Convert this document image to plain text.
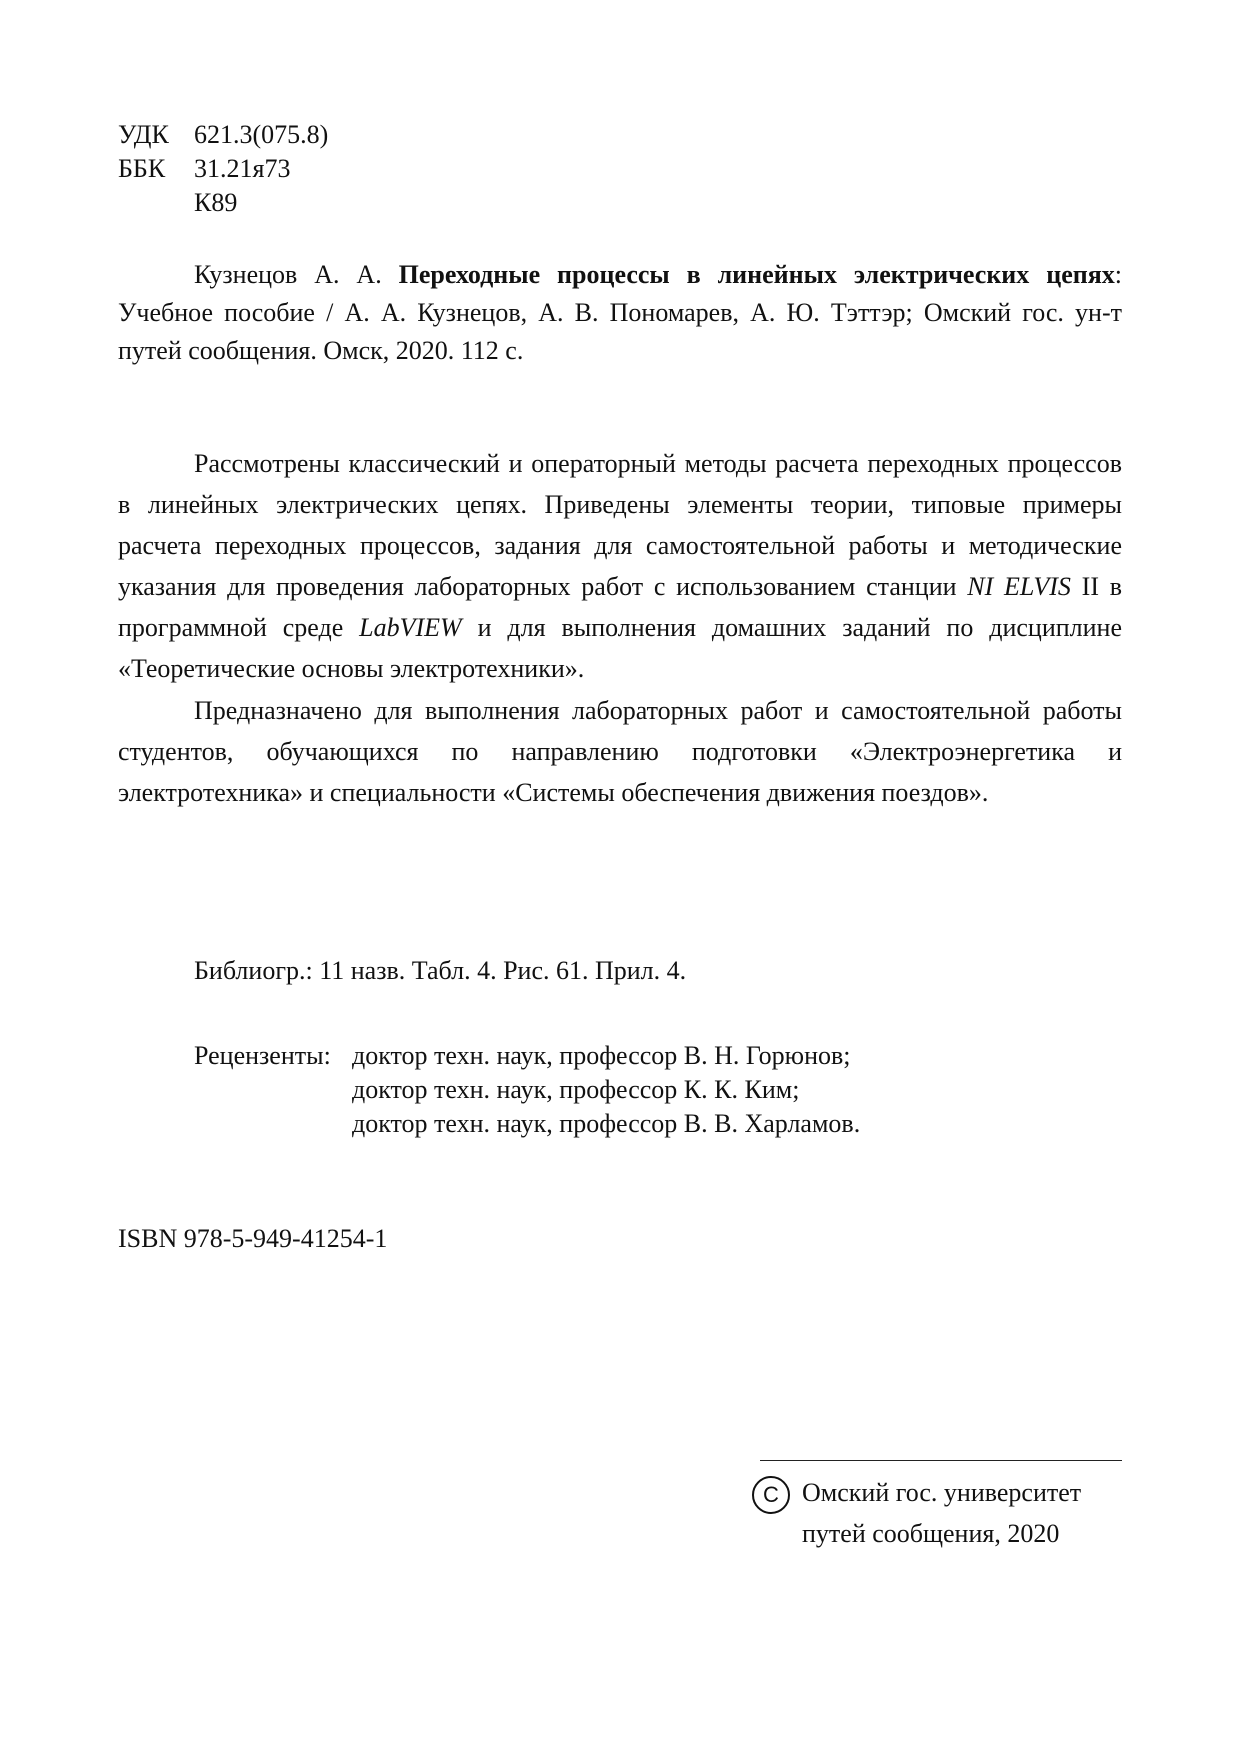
УДК 621.3(075.8)
ББК	31.21я73
К89
Кузнецов А. А. Переходные процессы в линейных электрических цепях: Учебное пособие / А. А. Кузнецов, А. В. Пономарев, А. Ю. Тэттэр; Омский гос. ун-т путей сообщения. Омск, 2020. 112 с.

Рассмотрены классический и операторный методы расчета переходных процессов в линейных электрических цепях. Приведены элементы теории, типовые примеры расчета переходных процессов, задания для самостоятельной работы и методические указания для проведения лабораторных работ с использованием станции NI ELVIS II в программной среде LabVIEW и для выполнения домашних заданий по дисциплине «Теоретические основы электротехники».

Предназначено для выполнения лабораторных работ и самостоятельной работы студентов, обучающихся по направлению подготовки «Электроэнергетика и электротехника» и специальности «Системы обеспечения движения поездов».

Библиогр.: 11 назв. Табл. 4. Рис. 61. Прил. 4.
Рецензенты: доктор техн. наук, профессор В. Н. Горюнов;
доктор техн. наук, профессор К. К. Ким;
доктор техн. наук, профессор В. В. Харламов.
ISBN 978-5-949-41254-1
C Омский гос. университет
путей сообщения, 2020
